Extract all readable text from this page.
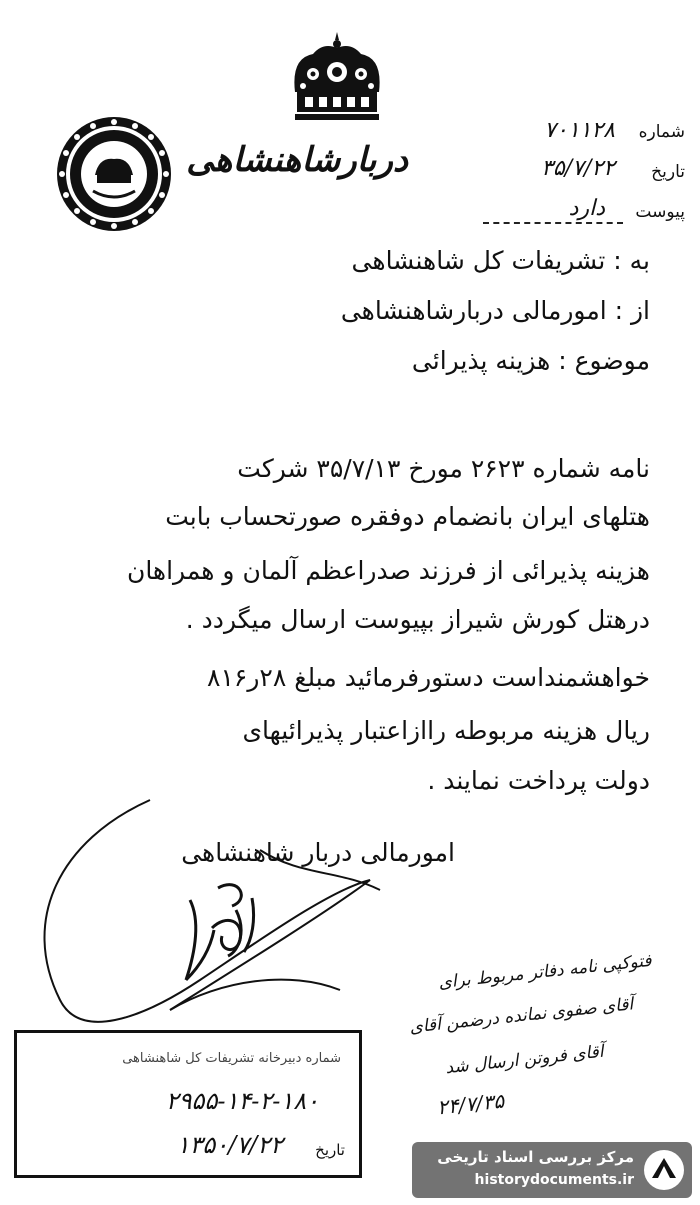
دربارشاهنشاهی
شماره
۷۰۱۱۲۸
تاریخ
۳۵/۷/۲۲
پیوست
دارد
به : تشریفات کل شاهنشاهی
از : امورمالی دربارشاهنشاهی
موضوع : هزینه پذیرائی
نامه شماره ۲۶۲۳ مورخ ۳۵/۷/۱۳ شرکت
هتلهای ایران بانضمام دوفقره صورتحساب بابت
هزینه پذیرائی از فرزند صدراعظم آلمان و همراهان
درهتل کورش شیراز بپیوست ارسال میگردد .
خواهشمنداست دستورفرمائید مبلغ ۲۸ر۸۱۶
ریال هزینه مربوطه راازاعتبار پذیرائیهای
دولت پرداخت نمایند .
امورمالی دربار شاهنشاهی
فتوکپی نامه دفاتر مربوط برای
آقای صفوی نمانده درضمن آقای
آقای فروتن ارسال شد
۲۴/۷/۳۵
شماره دبیرخانه تشریفات کل شاهنشاهی
۲۹۵۵-۱۴-۲-۱۸۰
تاریخ
۱۳۵۰/۷/۲۲	مرکز بررسی اسناد تاریخی
historydocuments.ir
